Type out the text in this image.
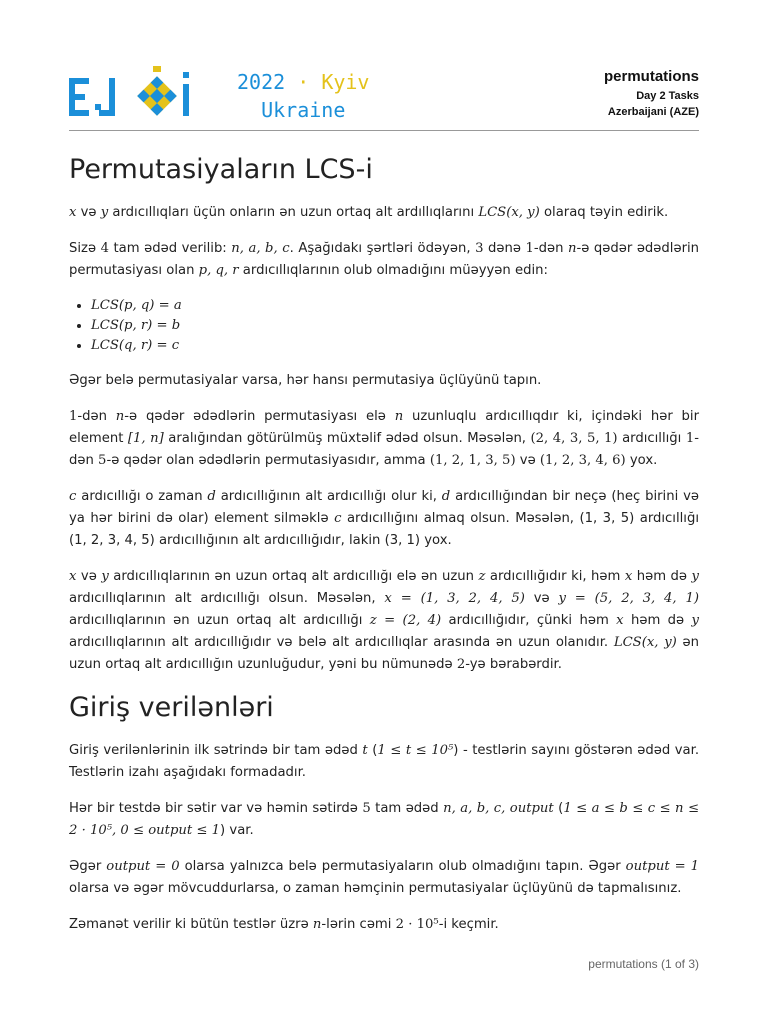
2022 · Kyiv
Ukraine
permutations
Day 2 Tasks
Azerbaijani (AZE)
Permutasiyaların LCS-i

x və y ardıcıllıqları üçün onların ən uzun ortaq alt ardıllıqlarını LCS(x, y) olaraq təyin edirik.

Sizə 4 tam ədəd verilib: n, a, b, c. Aşağıdakı şərtləri ödəyən, 3 dənə 1-dən n-ə qədər ədədlərin permutasiyası olan p, q, r ardıcıllıqlarının olub olmadığını müəyyən edin:

• LCS(p, q) = a
• LCS(p, r) = b
• LCS(q, r) = c

Əgər belə permutasiyalar varsa, hər hansı permutasiya üçlüyünü tapın.

1-dən n-ə qədər ədədlərin permutasiyası elə n uzunluqlu ardıcıllıqdır ki, içindəki hər bir element [1, n] aralığından götürülmüş müxtəlif ədəd olsun. Məsələn, (2, 4, 3, 5, 1) ardıcıllığı 1-dən 5-ə qədər olan ədədlərin permutasiyasıdır, amma (1, 2, 1, 3, 5) və (1, 2, 3, 4, 6) yox.

c ardıcıllığı o zaman d ardıcıllığının alt ardıcıllığı olur ki, d ardıcıllığından bir neçə (heç birini və ya hər birini də olar) element silməklə c ardıcıllığını almaq olsun. Məsələn, (1, 3, 5) ardıcıllığı (1, 2, 3, 4, 5) ardıcıllığının alt ardıcıllığıdır, lakin (3, 1) yox.

x və y ardıcıllıqlarının ən uzun ortaq alt ardıcıllığı elə ən uzun z ardıcıllığıdır ki, həm x həm də y ardıcıllıqlarının alt ardıcıllığı olsun. Məsələn, x = (1, 3, 2, 4, 5) və y = (5, 2, 3, 4, 1) ardıcıllıqlarının ən uzun ortaq alt ardıcıllığı z = (2, 4) ardıcıllığıdır, çünki həm x həm də y ardıcıllıqlarının alt ardıcıllığıdır və belə alt ardıcıllıqlar arasında ən uzun olanıdır. LCS(x, y) ən uzun ortaq alt ardıcıllığın uzunluğudur, yəni bu nümunədə 2-yə bərabərdir.

Giriş verilənləri

Giriş verilənlərinin ilk sətrində bir tam ədəd t (1 ≤ t ≤ 10⁵) - testlərin sayını göstərən ədəd var. Testlərin izahı aşağıdakı formadadır.

Hər bir testdə bir sətir var və həmin sətirdə 5 tam ədəd n, a, b, c, output (1 ≤ a ≤ b ≤ c ≤ n ≤ 2 · 10⁵, 0 ≤ output ≤ 1) var.

Əgər output = 0 olarsa yalnızca belə permutasiyaların olub olmadığını tapın. Əgər output = 1 olarsa və əgər mövcuddurlarsa, o zaman həmçinin permutasiyalar üçlüyünü də tapmalısınız.

Zəmanət verilir ki bütün testlər üzrə n-lərin cəmi 2 · 10⁵-i keçmir.

permutations (1 of 3)
